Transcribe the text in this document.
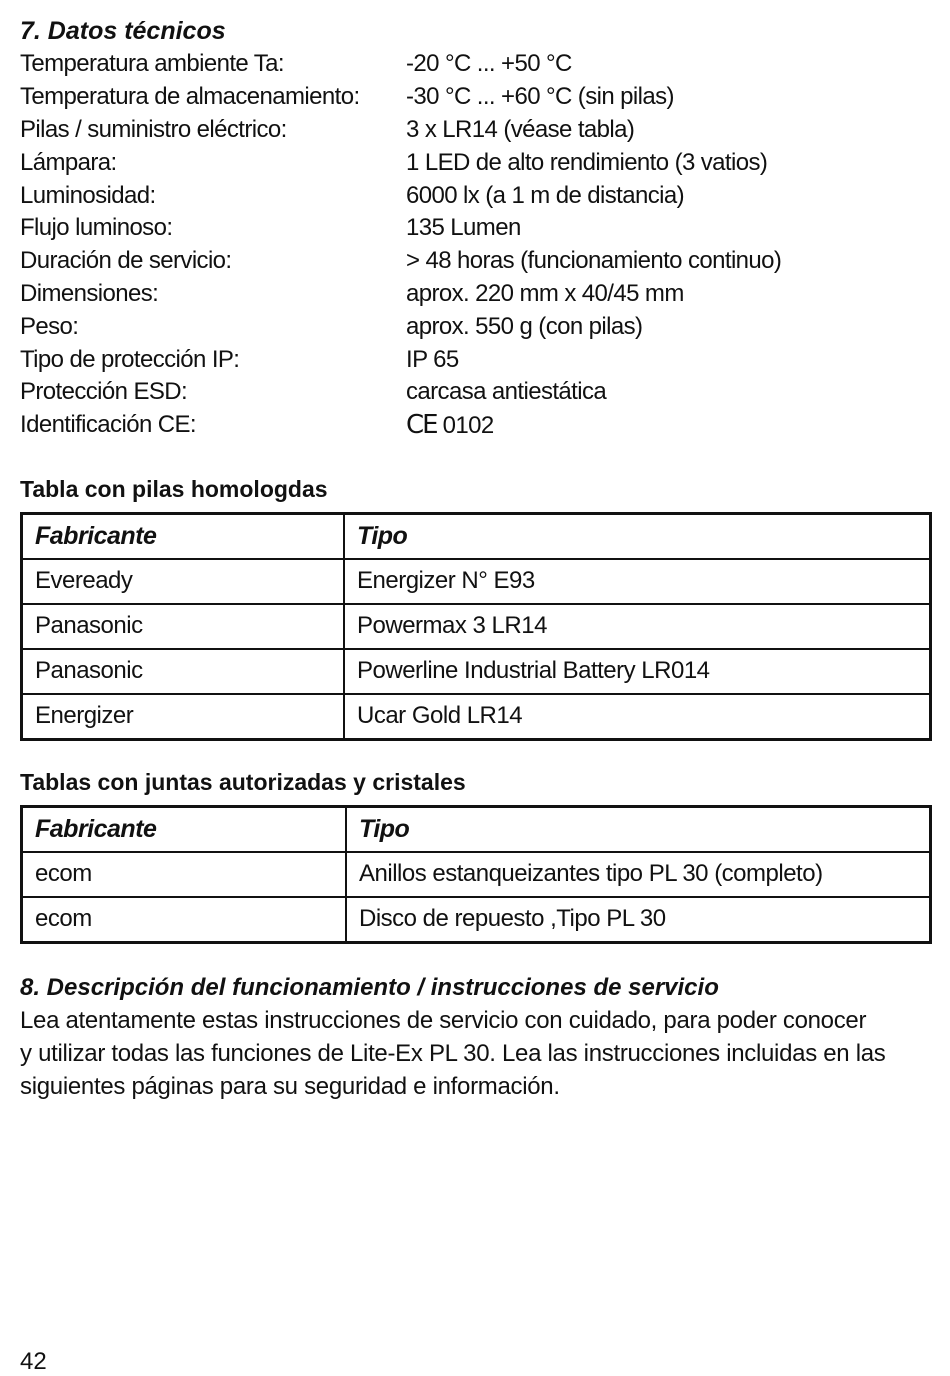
7. Datos técnicos
Temperatura ambiente Ta:	-20 °C ... +50 °C
Temperatura de almacenamiento:	-30 °C ... +60 °C (sin pilas)
Pilas / suministro eléctrico:	3 x LR14 (véase tabla)
Lámpara:	1 LED de alto rendimiento (3 vatios)
Luminosidad:	6000 lx (a 1 m de distancia)
Flujo luminoso:	135 Lumen
Duración de servicio:	> 48 horas (funcionamiento continuo)
Dimensiones:	aprox. 220 mm x 40/45 mm
Peso:	aprox. 550 g (con pilas)
Tipo de protección IP:	IP 65
Protección ESD:	carcasa antiestática
Identificación CE:	CE 0102
Tabla con pilas homologdas
Fabricante	Tipo
Eveready	Energizer N° E93
Panasonic	Powermax 3 LR14
Panasonic	Powerline Industrial Battery LR014
Energizer	Ucar Gold LR14
Tablas con juntas autorizadas y cristales
Fabricante	Tipo
ecom	Anillos estanqueizantes tipo PL 30 (completo)
ecom	Disco de repuesto ,Tipo PL 30
8. Descripción del funcionamiento / instrucciones de servicio

Lea atentamente estas instrucciones de servicio con cuidado, para poder conocer

y utilizar todas las funciones de Lite-Ex PL 30. Lea las instrucciones incluidas en las

siguientes páginas para su seguridad e información.

42
